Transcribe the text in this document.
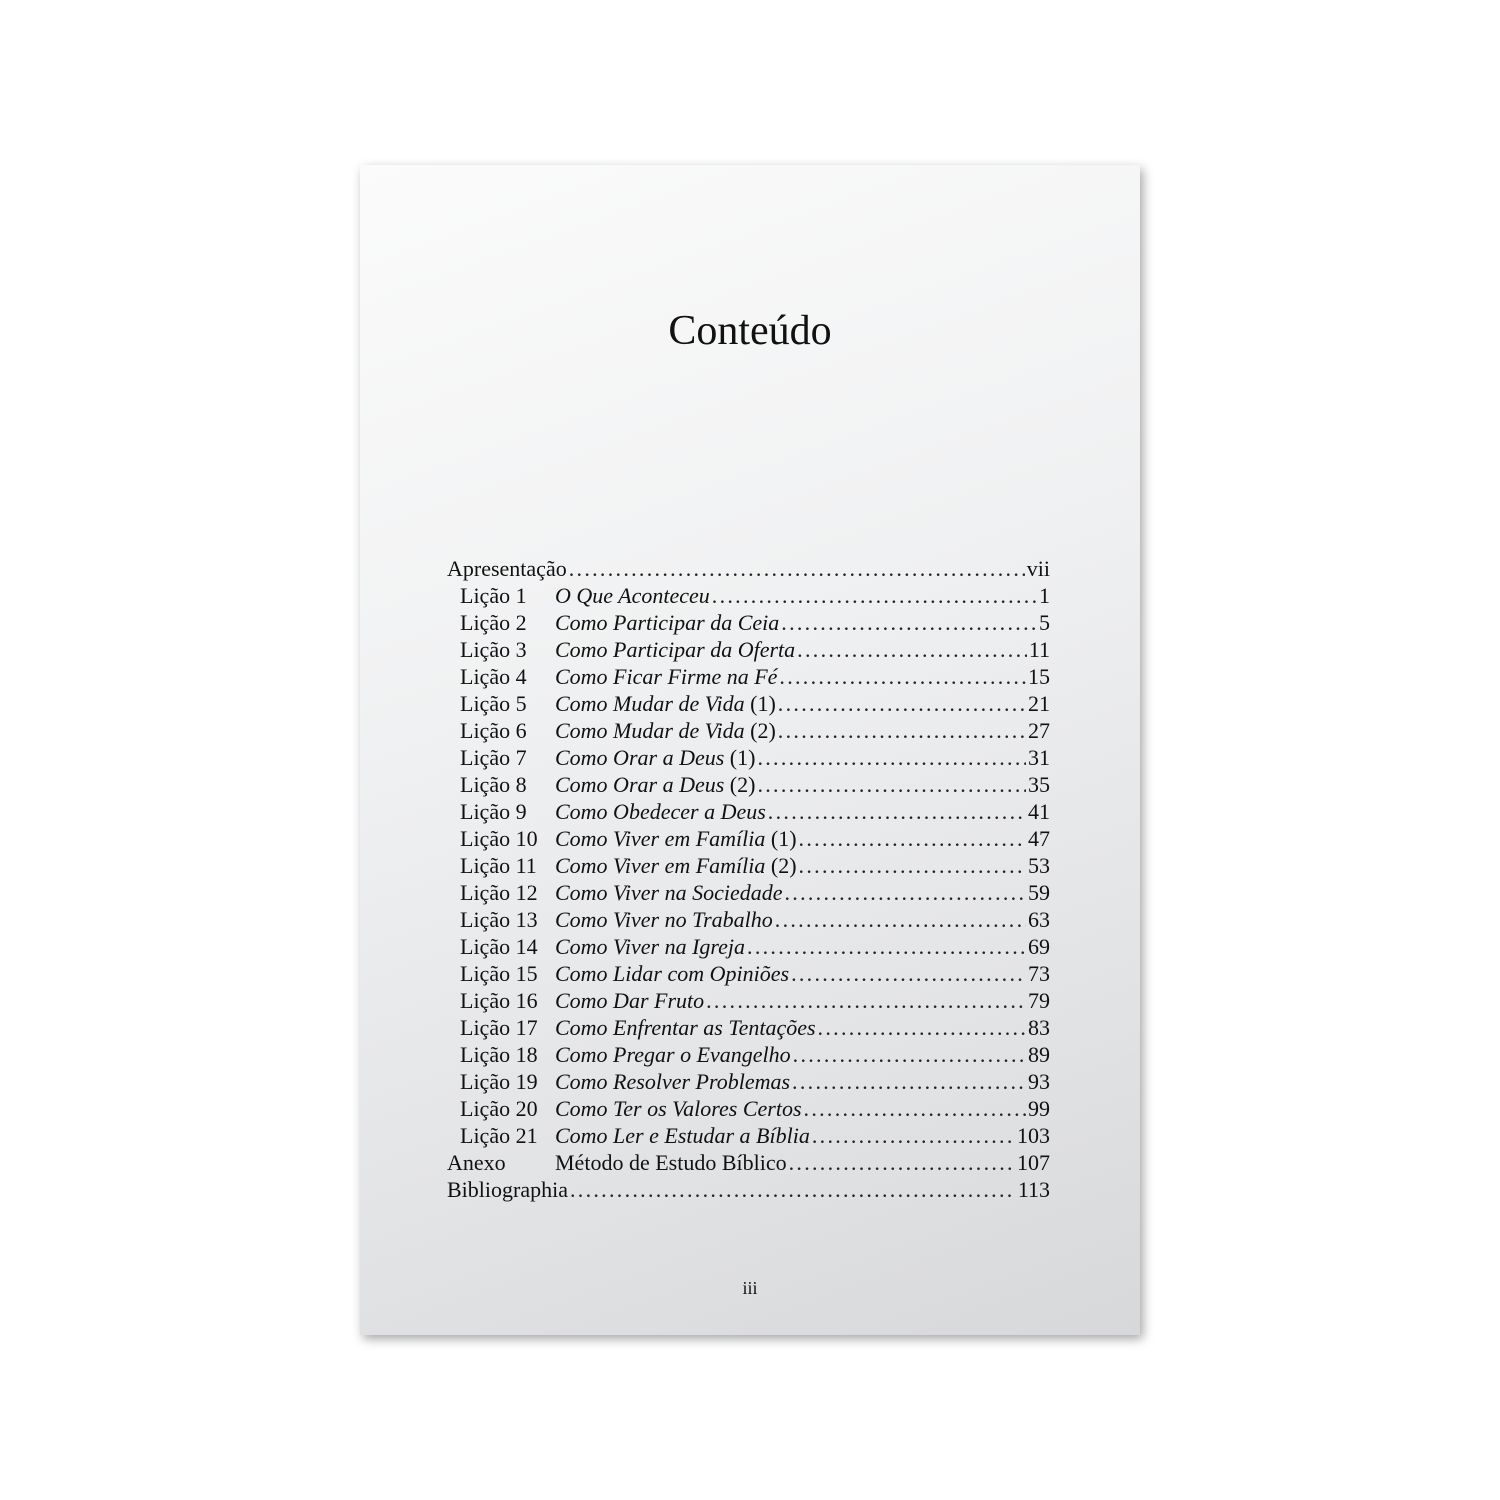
Conteúdo
Apresentação . . .	vii
Lição 1	O Que Aconteceu . . .	1
Lição 2	Como Participar da Ceia . . .	5
Lição 3	Como Participar da Oferta . . .	11
Lição 4	Como Ficar Firme na Fé . . .	15
Lição 5	Como Mudar de Vida (1) . . .	21
Lição 6	Como Mudar de Vida (2) . . .	27
Lição 7	Como Orar a Deus (1) . . .	31
Lição 8	Como Orar a Deus (2) . . .	35
Lição 9	Como Obedecer a Deus . . .	41
Lição 10 Como Viver em Família (1) . . .	47
Lição 11 Como Viver em Família (2) . . .	53
Lição 12 Como Viver na Sociedade . . .	59
Lição 13 Como Viver no Trabalho . . .	63
Lição 14 Como Viver na Igreja . . .	69
Lição 15 Como Lidar com Opiniões . . .	73
Lição 16 Como Dar Fruto . . .	79
Lição 17 Como Enfrentar as Tentações . . .	83
Lição 18 Como Pregar o Evangelho . . .	89
Lição 19 Como Resolver Problemas . . .	93
Lição 20 Como Ter os Valores Certos . . .	99
Lição 21 Como Ler e Estudar a Bíblia . . .	103
Anexo	Método de Estudo Bíblico . . .	107
Bibliographia . . .	113
iii
